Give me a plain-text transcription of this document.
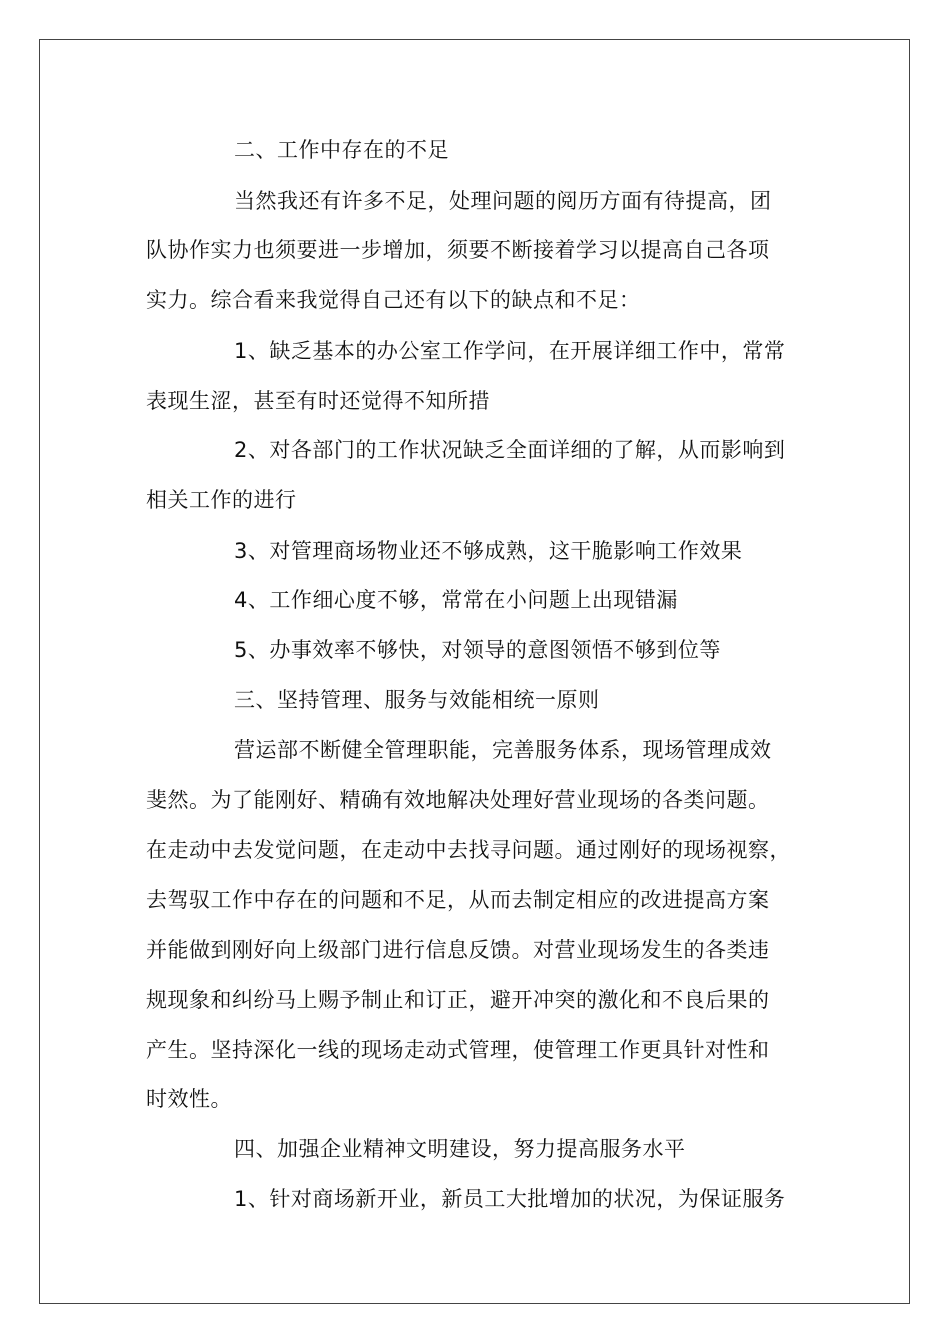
二、工作中存在的不足
当然我还有许多不足，处理问题的阅历方面有待提高，团
队协作实力也须要进一步增加，须要不断接着学习以提高自己各项
实力。综合看来我觉得自己还有以下的缺点和不足：
1、缺乏基本的办公室工作学问，在开展详细工作中，常常
表现生涩，甚至有时还觉得不知所措
2、对各部门的工作状况缺乏全面详细的了解，从而影响到
相关工作的进行
3、对管理商场物业还不够成熟，这干脆影响工作效果
4、工作细心度不够，常常在小问题上出现错漏
5、办事效率不够快，对领导的意图领悟不够到位等
三、坚持管理、服务与效能相统一原则
营运部不断健全管理职能，完善服务体系，现场管理成效
斐然。为了能刚好、精确有效地解决处理好营业现场的各类问题。
在走动中去发觉问题，在走动中去找寻问题。通过刚好的现场视察，
去驾驭工作中存在的问题和不足，从而去制定相应的改进提高方案
并能做到刚好向上级部门进行信息反馈。对营业现场发生的各类违
规现象和纠纷马上赐予制止和订正，避开冲突的激化和不良后果的
产生。坚持深化一线的现场走动式管理，使管理工作更具针对性和
时效性。
四、加强企业精神文明建设，努力提高服务水平
1、针对商场新开业，新员工大批增加的状况，为保证服务
